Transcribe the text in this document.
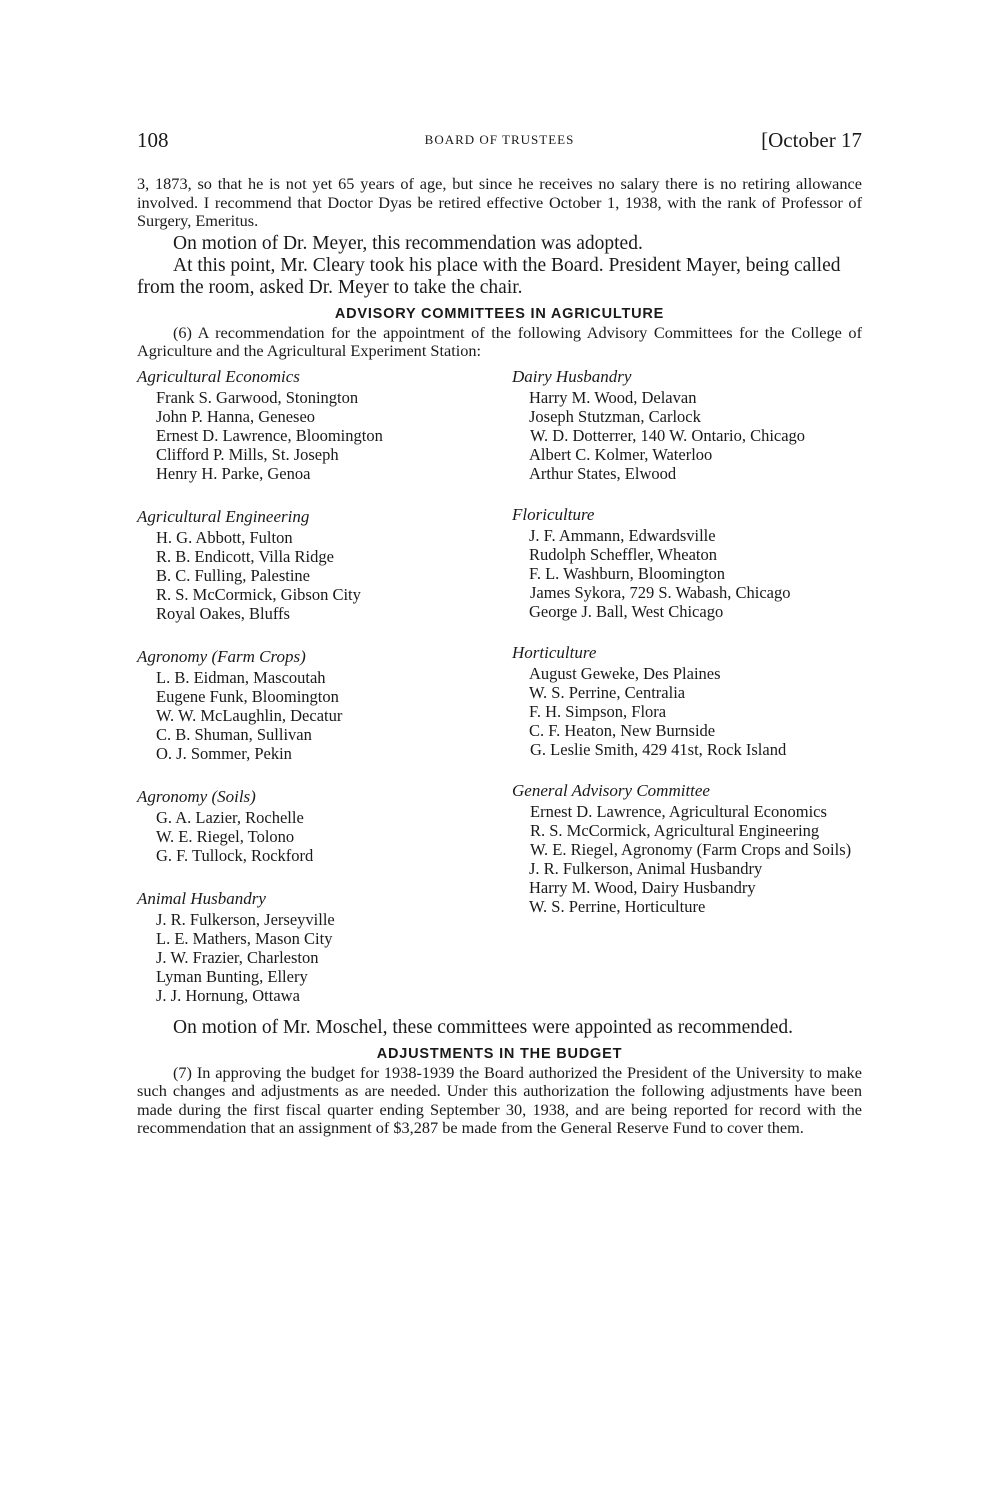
108	BOARD OF TRUSTEES	[October 17

3, 1873, so that he is not yet 65 years of age, but since he receives no salary there is no retiring allowance involved. I recommend that Doctor Dyas be retired effective October 1, 1938, with the rank of Professor of Surgery, Emeritus.

On motion of Dr. Meyer, this recommendation was adopted.

At this point, Mr. Cleary took his place with the Board. President Mayer, being called from the room, asked Dr. Meyer to take the chair.

ADVISORY COMMITTEES IN AGRICULTURE

(6) A recommendation for the appointment of the following Advisory Committees for the College of Agriculture and the Agricultural Experiment Station:

Agricultural Economics
Frank S. Garwood, Stonington
John P. Hanna, Geneseo
Ernest D. Lawrence, Bloomington
Clifford P. Mills, St. Joseph
Henry H. Parke, Genoa
Agricultural Engineering
H. G. Abbott, Fulton
R. B. Endicott, Villa Ridge
B. C. Fulling, Palestine
R. S. McCormick, Gibson City
Royal Oakes, Bluffs
Agronomy (Farm Crops)
L. B. Eidman, Mascoutah
Eugene Funk, Bloomington
W. W. McLaughlin, Decatur
C. B. Shuman, Sullivan
O. J. Sommer, Pekin
Agronomy (Soils)
G. A. Lazier, Rochelle
W. E. Riegel, Tolono
G. F. Tullock, Rockford
Animal Husbandry
J. R. Fulkerson, Jerseyville
L. E. Mathers, Mason City
J. W. Frazier, Charleston
Lyman Bunting, Ellery
J. J. Hornung, Ottawa
Dairy Husbandry
Harry M. Wood, Delavan
Joseph Stutzman, Carlock
W. D. Dotterrer, 140 W. Ontario, Chicago
Albert C. Kolmer, Waterloo
Arthur States, Elwood
Floriculture
J. F. Ammann, Edwardsville
Rudolph Scheffler, Wheaton
F. L. Washburn, Bloomington
James Sykora, 729 S. Wabash, Chicago
George J. Ball, West Chicago
Horticulture
August Geweke, Des Plaines
W. S. Perrine, Centralia
F. H. Simpson, Flora
C. F. Heaton, New Burnside
G. Leslie Smith, 429 41st, Rock Island
General Advisory Committee
Ernest D. Lawrence, Agricultural Economics
R. S. McCormick, Agricultural Engineering
W. E. Riegel, Agronomy (Farm Crops and Soils)
J. R. Fulkerson, Animal Husbandry
Harry M. Wood, Dairy Husbandry
W. S. Perrine, Horticulture

On motion of Mr. Moschel, these committees were appointed as recommended.

ADJUSTMENTS IN THE BUDGET

(7) In approving the budget for 1938-1939 the Board authorized the President of the University to make such changes and adjustments as are needed. Under this authorization the following adjustments have been made during the first fiscal quarter ending September 30, 1938, and are being reported for record with the recommendation that an assignment of $3,287 be made from the General Reserve Fund to cover them.
